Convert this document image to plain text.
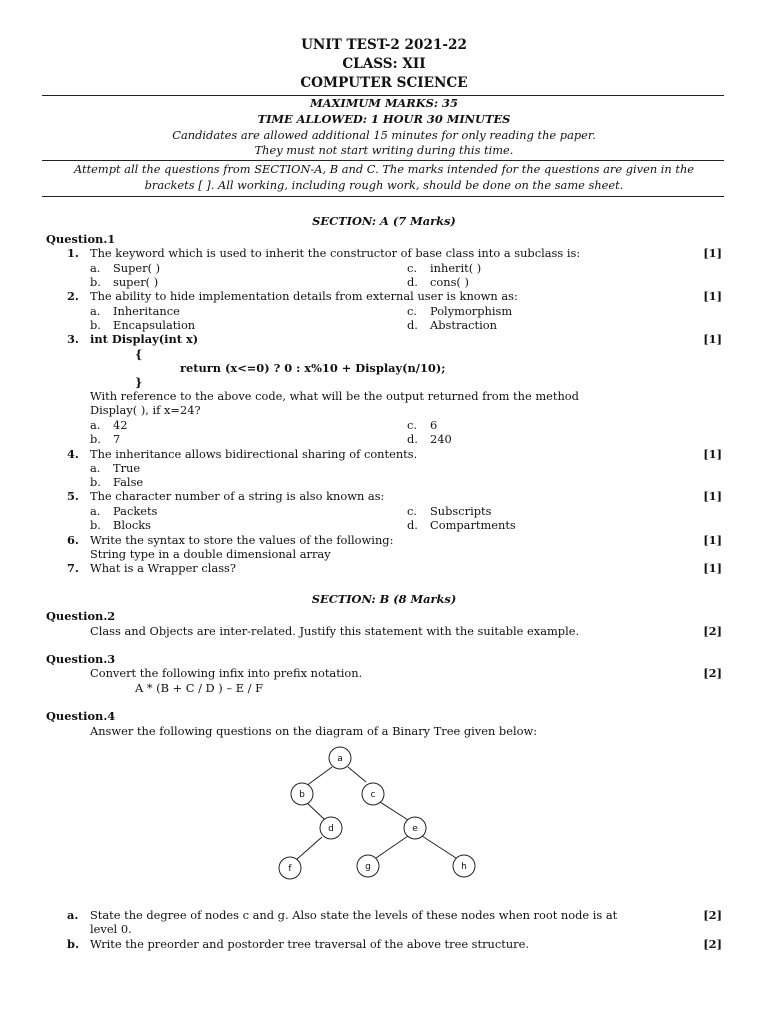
UNIT TEST-2 2021-22
CLASS: XII
COMPUTER SCIENCE
MAXIMUM MARKS: 35
TIME ALLOWED: 1 HOUR 30 MINUTES
Candidates are allowed additional 15 minutes for only reading the paper.
They must not start writing during this time.
Attempt all the questions from SECTION-A, B and C. The marks intended for the questions are given in the
brackets [ ]. All working, including rough work, should be done on the same sheet.
SECTION: A (7 Marks)
Question.1
1. The keyword which is used to inherit the constructor of base class into a subclass is:	[1]
a. Super( )	c. inherit( )
b. super( )	d. cons( )
2. The ability to hide implementation details from external user is known as:	[1]
a. Inheritance	c. Polymorphism
b. Encapsulation	d. Abstraction
3. int Display(int x)	[1]
{
return (x<=0) ? 0 : x%10 + Display(n/10);
}
With reference to the above code, what will be the output returned from the method
Display( ), if x=24?
a. 42	c. 6
b. 7	d. 240
4. The inheritance allows bidirectional sharing of contents.	[1]
a. True
b. False
5. The character number of a string is also known as:	[1]
a. Packets	c. Subscripts
b. Blocks	d. Compartments
6. Write the syntax to store the values of the following:	[1]
String type in a double dimensional array
7. What is a Wrapper class?	[1]
SECTION: B (8 Marks)
Question.2
Class and Objects are inter-related. Justify this statement with the suitable example.	[2]
Question.3
Convert the following infix into prefix notation.	[2]
A * (B + C / D ) – E / F
Question.4
Answer the following questions on the diagram of a Binary Tree given below:
a
b	c
d	e
f	g	h
a. State the degree of nodes c and g. Also state the levels of these nodes when root node is at	[2]
level 0.
b. Write the preorder and postorder tree traversal of the above tree structure.	[2]
